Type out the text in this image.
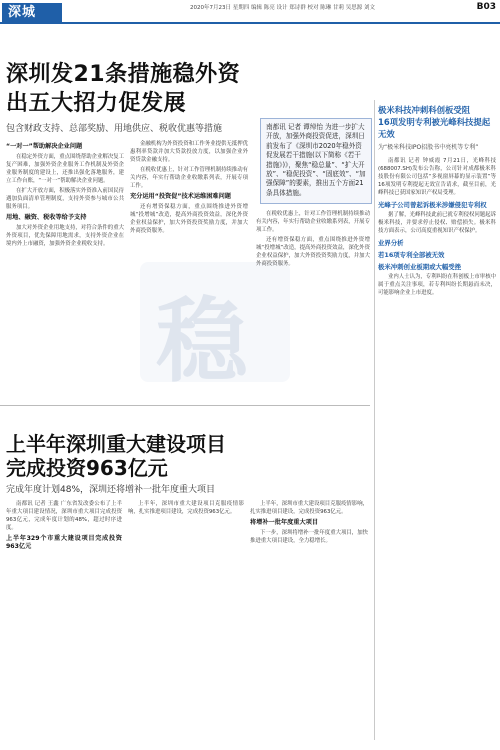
深城	2020年7月23日 星期四 编辑 陈亮 设计 郑诗群 校对 陈琳 甘莉 吴思源 刘文	B03
深圳发21条措施稳外资
出五大招力促发展
包含财政支持、总部奖励、用地供应、税收优惠等措施	南都讯 记者 谭绰怡 为进一步扩大开放，加强外商投资促进，深圳日前发布了《深圳市2020年稳外资促发展若干措施(以下简称《若干措施》)》，聚焦“稳总量”、“扩大开放”、“稳促投资”、“固底效”、“加强保障”的要素，推出五个方面21条具体措施。
稳
“一对一”帮助解决企业问题

在稳定外资方面，重点围绕帮助企业解决复工复产困难，加强外资企业服务工作机制及外资企业服务制度的建设上，还推出强化落地服务，建立工作台账，“一对一”帮助解决企业问题。

在扩大开放方面，积极落实外资准入前国民待遇加负面清单管理制度，支持外资参与城市公共服务项目。

用地、融资、税收等给予支持

加大对外资企业用地支持，对符合条件的重大外资项目，优先保障用地需求，支持外资企业在境内外上市融资，加强外资企业税收支持。

金融机构为外资投资和工作务业提供无抵押优惠利率贷款并加大贷款投放力度，以加强企业外资贷款金融支持。

在税收优惠上，针对工作管理机制持续推动有关内容，年实行帮助企业收缴系列表，开展专项工作。

充分运用“投资促”技术运维困难问题

还有增资保稳方面，重点围绕推进外资增城“投增城”改造，提高外商投资效益，深化外资企业权益保护，加大外资投资奖励力度，并加大外商投资服务。

在税收优惠上，针对工作管理机制持续推动有关内容，年实行帮助企业收缴系列表，开展专项工作。

还有增资保稳方面，重点围绕推进外资增城“投增城”改造，提高外商投资效益，深化外资企业权益保护，加大外资投资奖励力度，并加大外商投资服务。

极米科技冲刺科创板受阻
16项发明专利被光峰科技提起无效
为“极米科技IPO招股书中亮机等专利”

南都讯 记者 钟威霞 7月21日，光峰科技(688007.SH)发布公告称，公司针对成都极米科技股份有限公司包括“多视窗屏幕的显示装置”等16项发明专利提起无效宣告请求，截至目前，光峰科技已获国家知识产权局受理。

光峰子公司曾起诉极米涉嫌侵犯专利权

据了解，光峰科技此前已就专利侵权问题起诉极米科技，并要求停止侵权、赔偿损失。极米科技方面表示，公司高度重视知识产权保护。

业界分析
若16项专利全部被无效
极米冲刺创业板期或大幅受挫

业内人士认为，专利纠纷在科创板上市审核中属于重点关注事项，若专利纠纷长期悬而未决，可能影响企业上市进度。

上半年深圳重大建设项目
完成投资963亿元
完成年度计划48%，深圳还将增补一批年度重大项目

南都讯 记者 王鑫 广东省发改委公布了上半年重大项目建设情况，深圳市重大项目完成投资963亿元，完成年度计划的48%，超过时序进度。

上半年329个市重大建设项目完成投资963亿元

上半年，深圳市重大建设项目克服疫情影响，扎实推进项目建设，完成投资963亿元。

上半年，深圳市重大建设项目克服疫情影响，扎实推进项目建设，完成投资963亿元。

将增补一批年度重大项目

下一步，深圳将增补一批年度重大项目，加快推进重大项目建设，全力稳增长。
